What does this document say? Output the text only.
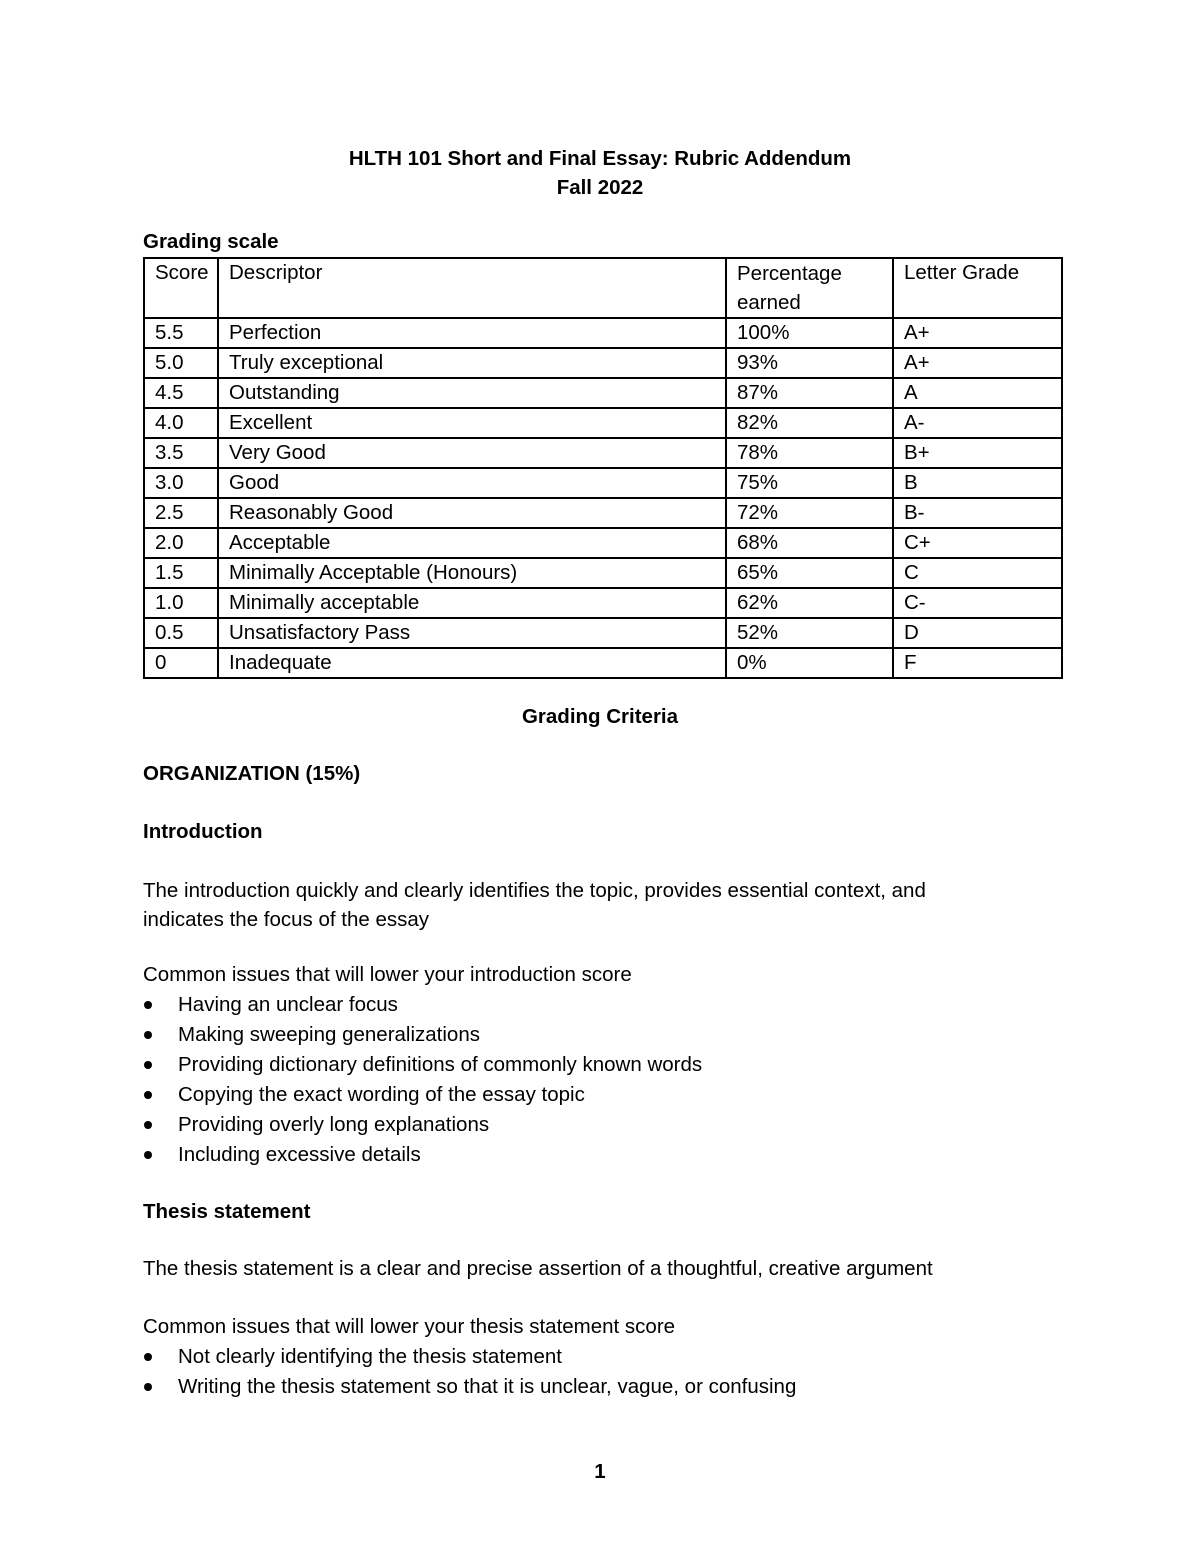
HLTH 101 Short and Final Essay: Rubric Addendum
Fall 2022
Grading scale
Score	Descriptor	Percentage earned	Letter Grade
5.5	Perfection	100%	A+
5.0	Truly exceptional	93%	A+
4.5	Outstanding	87%	A
4.0	Excellent	82%	A-
3.5	Very Good	78%	B+
3.0	Good	75%	B
2.5	Reasonably Good	72%	B-
2.0	Acceptable	68%	C+
1.5	Minimally Acceptable (Honours)	65%	C
1.0	Minimally acceptable	62%	C-
0.5	Unsatisfactory Pass	52%	D
0	Inadequate	0%	F
Grading Criteria
ORGANIZATION (15%)
Introduction
The introduction quickly and clearly identifies the topic, provides essential context, and
indicates the focus of the essay
Common issues that will lower your introduction score
Having an unclear focus
Making sweeping generalizations
Providing dictionary definitions of commonly known words
Copying the exact wording of the essay topic
Providing overly long explanations
Including excessive details
Thesis statement
The thesis statement is a clear and precise assertion of a thoughtful, creative argument
Common issues that will lower your thesis statement score
Not clearly identifying the thesis statement
Writing the thesis statement so that it is unclear, vague, or confusing
1
